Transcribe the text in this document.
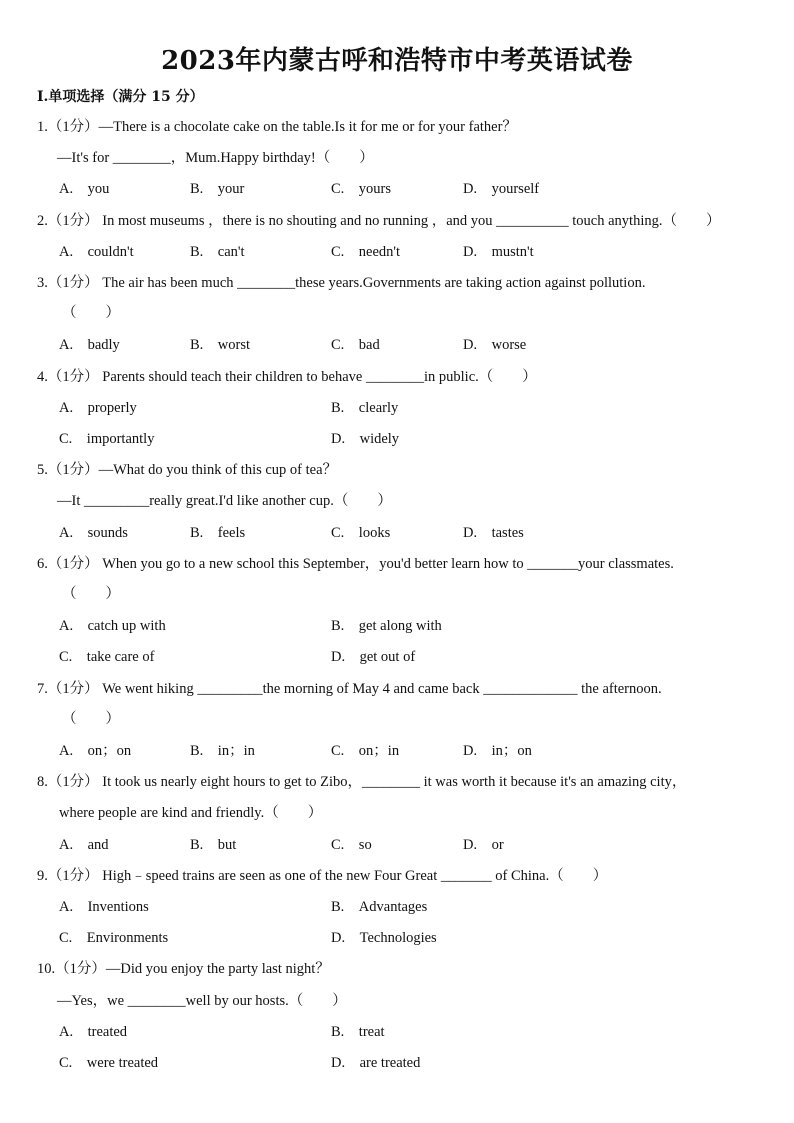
2023年内蒙古呼和浩特市中考英语试卷
I.单项选择（满分 15 分）
1.（1分）—There is a chocolate cake on the table.Is it for me or for your father？
—It's for ________，Mum.Happy birthday!（　　）
A.　you	B.　your	C.　yours	D.　yourself
2.（1分） In most museums ，there is no shouting and no running ，and you __________ touch anything.（　　）
A.　couldn't	B.　can't	C.　needn't	D.　mustn't
3.（1分） The air has been much ________these years.Governments are taking action against pollution.
（　　）
A.　badly	B.　worst	C.　bad	D.　worse
4.（1分） Parents should teach their children to behave ________in public.（　　）
A.　properly	B.　clearly
C.　importantly	D.　widely
5.（1分）—What do you think of this cup of tea？
—It _________really great.I'd like another cup.（　　）
A.　sounds	B.　feels	C.　looks	D.　tastes
6.（1分） When you go to a new school this September，you'd better learn how to _______your classmates.
（　　）
A.　catch up with	B.　get along with
C.　take care of	D.　get out of
7.（1分） We went hiking _________the morning of May 4 and came back _____________ the afternoon.
（　　）
A.　on；on	B.　in；in	C.　on；in	D.　in；on
8.（1分） It took us nearly eight hours to get to Zibo，________ it was worth it because it's an amazing city，
where people are kind and friendly.（　　）
A.　and	B.　but	C.　so	D.　or
9.（1分） High﹣speed trains are seen as one of the new Four Great _______ of China.（　　）
A.　Inventions	B.　Advantages
C.　Environments	D.　Technologies
10.（1分）—Did you enjoy the party last night？
—Yes，we ________well by our hosts.（　　）
A.　treated	B.　treat
C.　were treated	D.　are treated
